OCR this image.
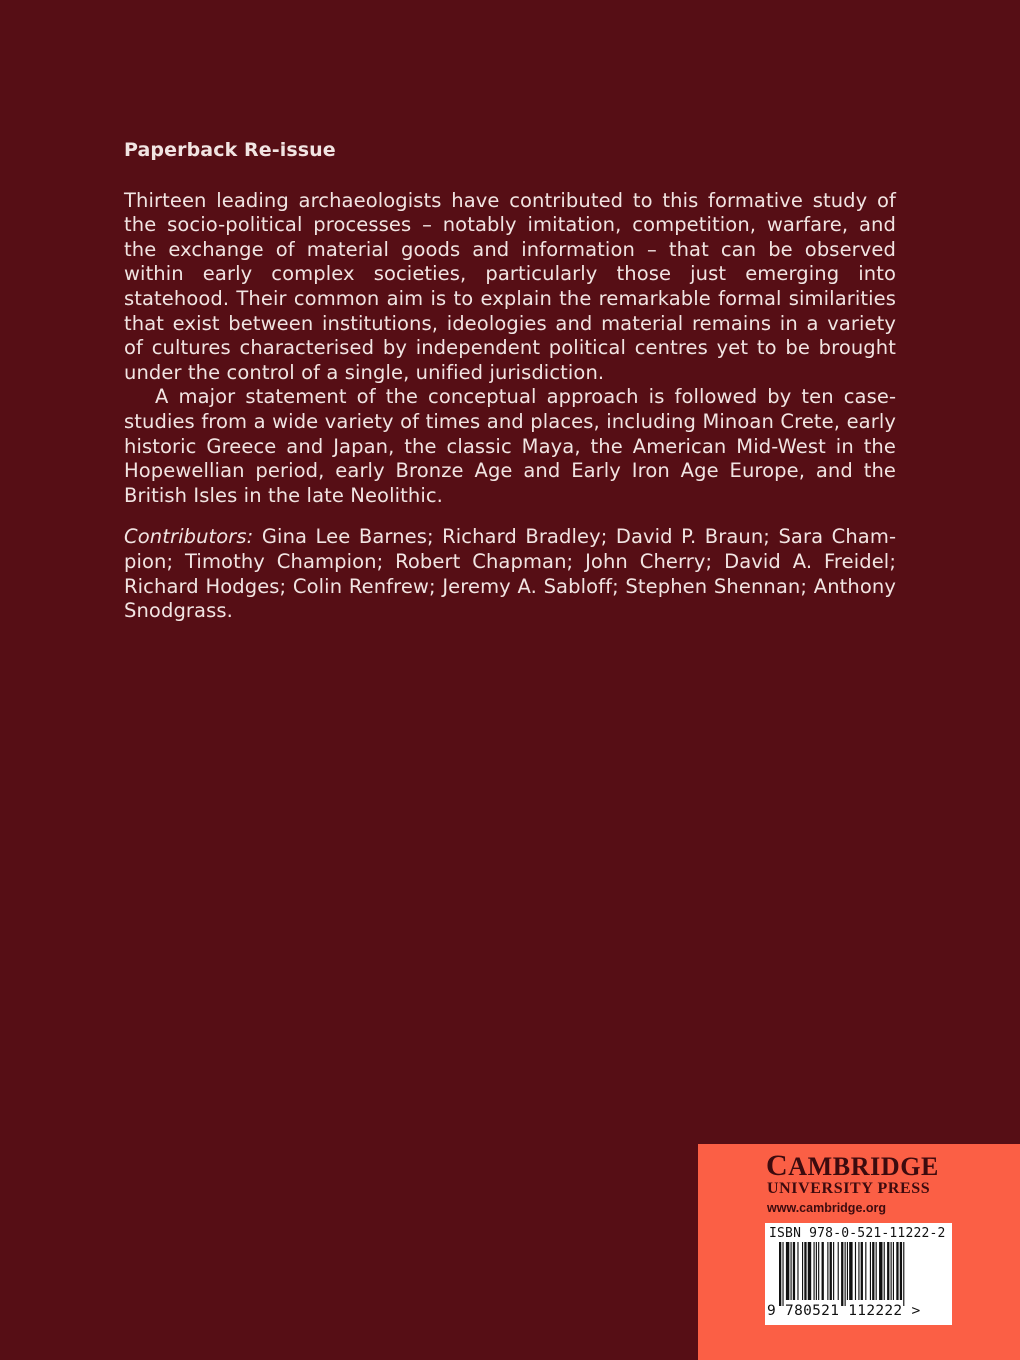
Paperback Re-issue

Thirteen leading archaeologists have contributed to this formative study of the socio-political processes – notably imitation, competition, warfare, and the exchange of material goods and information – that can be observed within early complex societies, particularly those just emerging into statehood. Their common aim is to explain the remarkable formal similarities that exist between institutions, ideologies and material remains in a variety of cultures characterised by independent political centres yet to be brought under the control of a single, unified jurisdiction.

A major statement of the conceptual approach is followed by ten casestudies from a wide variety of times and places, including Minoan Crete, early historic Greece and Japan, the classic Maya, the American Mid-West in the Hopewellian period, early Bronze Age and Early Iron Age Europe, and the British Isles in the late Neolithic.

Contributors: Gina Lee Barnes; Richard Bradley; David P. Braun; Sara Champion; Timothy Champion; Robert Chapman; John Cherry; David A. Freidel; Richard Hodges; Colin Renfrew; Jeremy A. Sabloff; Stephen Shennan; Anthony Snodgrass.

CAMBRIDGE
UNIVERSITY PRESS
www.cambridge.org
ISBN 978-0-521-11222-2
9 780521 112222 >
